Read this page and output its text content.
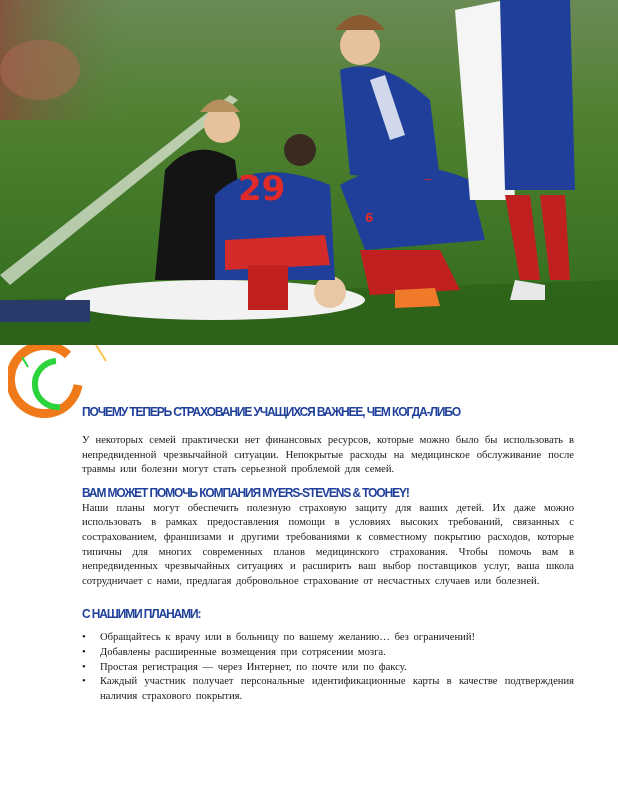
29
6
ПОЧЕМУ ТЕПЕРЬ СТРАХОВАНИЕ УЧАЩИХСЯ ВАЖНЕЕ, ЧЕМ КОГДА-ЛИБО

У некоторых семей практически нет финансовых ресурсов, которые можно было бы использовать в непредвиденной чрезвычайной ситуации. Непокрытые расходы на медицинское обслуживание после травмы или болезни могут стать серьезной проблемой для семей.

ВАМ МОЖЕТ ПОМОЧЬ КОМПАНИЯ MYERS-STEVENS & TOOHEY!

Наши планы могут обеспечить полезную страховую защиту для ваших детей. Их даже можно использовать в рамках предоставления помощи в условиях высоких требований, связанных с сострахованием, франшизами и другими требованиями к совместному покрытию расходов, которые типичны для многих современных планов медицинского страхования. Чтобы помочь вам в непредвиденных чрезвычайных ситуациях и расширить ваш выбор поставщиков услуг, ваша школа сотрудничает с нами, предлагая добровольное страхование от несчастных случаев или болезней.

С НАШИМИ ПЛАНАМИ:
• Обращайтесь к врачу или в больницу по вашему желанию… без ограничений!
• Добавлены расширенные возмещения при сотрясении мозга.
• Простая регистрация — через Интернет, по почте или по факсу.
• Каждый участник получает персональные идентификационные карты в качестве подтверждения наличия страхового покрытия.
